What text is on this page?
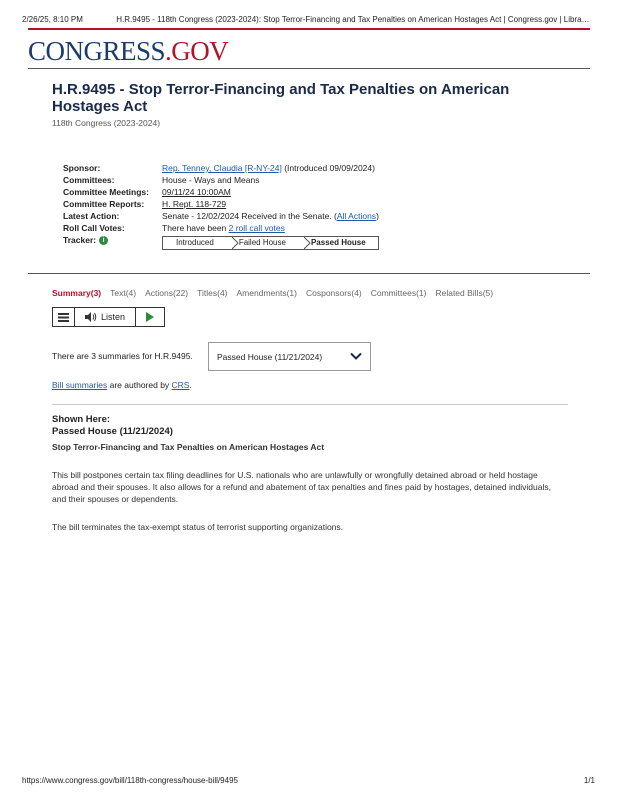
2/26/25, 8:10 PM	H.R.9495 - 118th Congress (2023-2024): Stop Terror-Financing and Tax Penalties on American Hostages Act | Congress.gov | Libra…
CONGRESS.GOV
H.R.9495 - Stop Terror-Financing and Tax Penalties on American Hostages Act
118th Congress (2023-2024)
Sponsor:	Rep. Tenney, Claudia [R-NY-24] (Introduced 09/09/2024)
Committees:	House - Ways and Means
Committee Meetings:	09/11/24 10:00AM
Committee Reports:	H. Rept. 118-729
Latest Action:	Senate - 12/02/2024 Received in the Senate. (All Actions)
Roll Call Votes:	There have been 2 roll call votes
Tracker: i	Introduced	Failed House	Passed House
Summary(3) Text(4) Actions(22) Titles(4) Amendments(1) Cosponsors(4) Committees(1) Related Bills(5)
Listen
There are 3 summaries for H.R.9495.	Passed House (11/21/2024)
Bill summaries are authored by CRS.
Shown Here:
Passed House (11/21/2024)
Stop Terror-Financing and Tax Penalties on American Hostages Act

This bill postpones certain tax filing deadlines for U.S. nationals who are unlawfully or wrongfully detained abroad or held hostage abroad and their spouses. It also allows for a refund and abatement of tax penalties and fines paid by hostages, detained individuals, and their spouses or dependents.

The bill terminates the tax-exempt status of terrorist supporting organizations.

https://www.congress.gov/bill/118th-congress/house-bill/9495	1/1
